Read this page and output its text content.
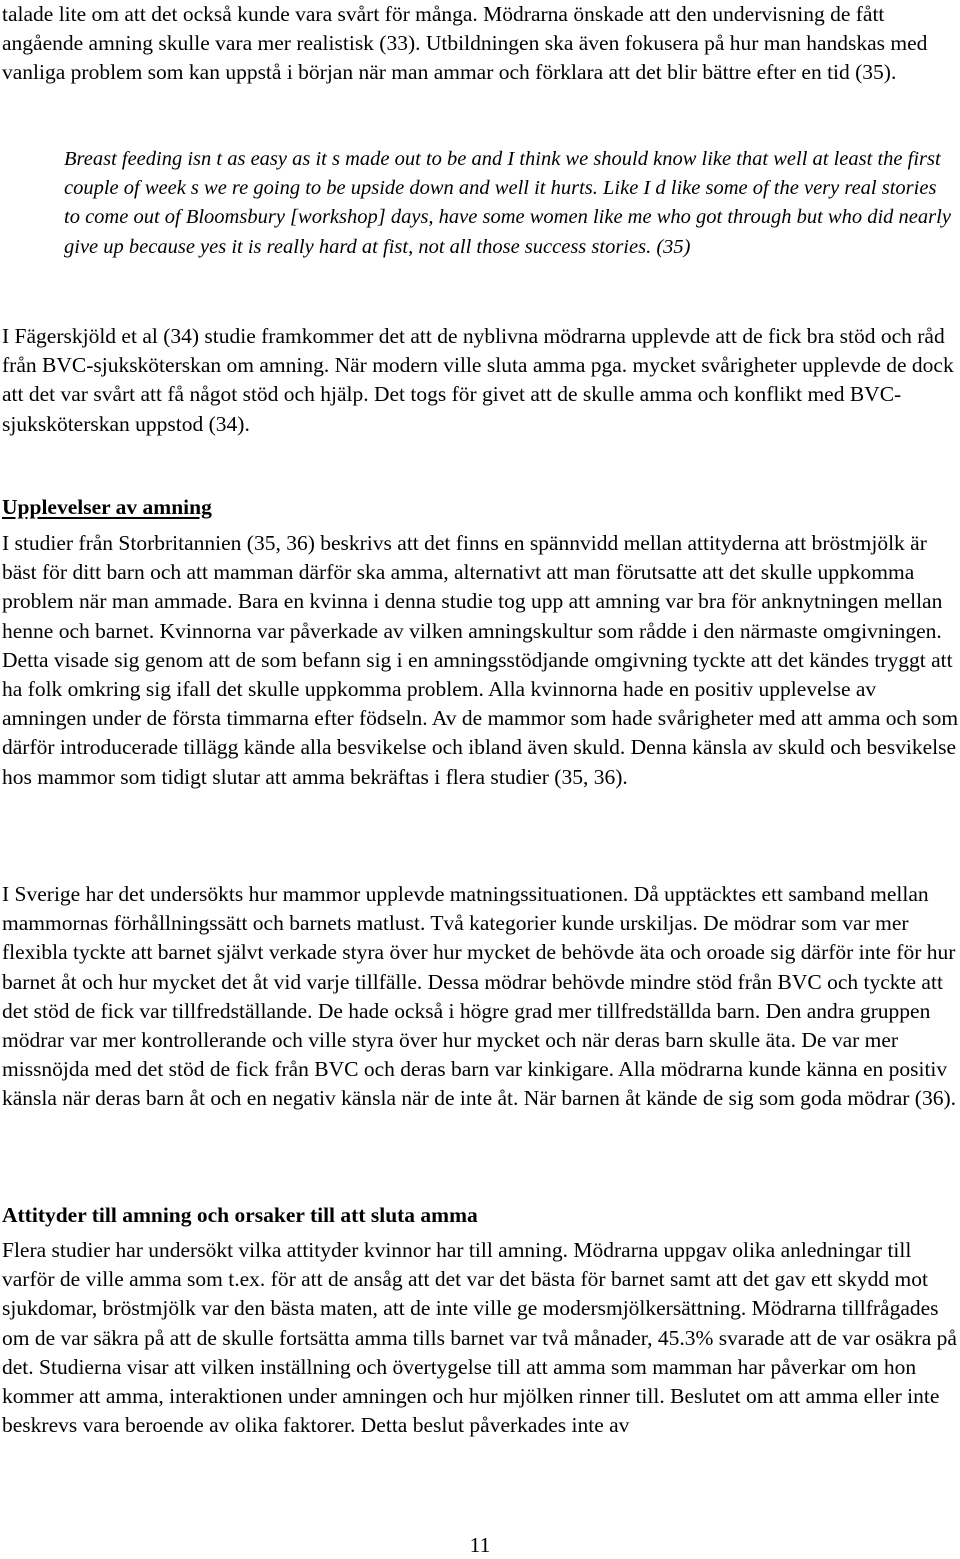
talade lite om att det också kunde vara svårt för många. Mödrarna önskade att den undervisning de fått angående amning skulle vara mer realistisk (33). Utbildningen ska även fokusera på hur man handskas med vanliga problem som kan uppstå i början när man ammar och förklara att det blir bättre efter en tid (35).

Breast feeding isn t as easy as it s made out to be and I think we should know like that well at least the first couple of week s we re going to be upside down and well it hurts. Like I d like some of the very real stories to come out of Bloomsbury [workshop] days, have some women like me who got through but who did nearly give up because yes it is really hard at fist, not all those success stories. (35)

I Fägerskjöld et al (34) studie framkommer det att de nyblivna mödrarna upplevde att de fick bra stöd och råd från BVC-sjuksköterskan om amning. När modern ville sluta amma pga. mycket svårigheter upplevde de dock att det var svårt att få något stöd och hjälp. Det togs för givet att de skulle amma och konflikt med BVC- sjuksköterskan uppstod (34).

Upplevelser av amning

I studier från Storbritannien (35, 36) beskrivs att det finns en spännvidd mellan attityderna att bröstmjölk är bäst för ditt barn och att mamman därför ska amma, alternativt att man förutsatte att det skulle uppkomma problem när man ammade. Bara en kvinna i denna studie tog upp att amning var bra för anknytningen mellan henne och barnet. Kvinnorna var påverkade av vilken amningskultur som rådde i den närmaste omgivningen. Detta visade sig genom att de som befann sig i en amningsstödjande omgivning tyckte att det kändes tryggt att ha folk omkring sig ifall det skulle uppkomma problem. Alla kvinnorna hade en positiv upplevelse av amningen under de första timmarna efter födseln. Av de mammor som hade svårigheter med att amma och som därför introducerade tillägg kände alla besvikelse och ibland även skuld. Denna känsla av skuld och besvikelse hos mammor som tidigt slutar att amma bekräftas i flera studier (35, 36).

I Sverige har det undersökts hur mammor upplevde matningssituationen. Då upptäcktes ett samband mellan mammornas förhållningssätt och barnets matlust. Två kategorier kunde urskiljas. De mödrar som var mer flexibla tyckte att barnet självt verkade styra över hur mycket de behövde äta och oroade sig därför inte för hur barnet åt och hur mycket det åt vid varje tillfälle. Dessa mödrar behövde mindre stöd från BVC och tyckte att det stöd de fick var tillfredställande. De hade också i högre grad mer tillfredställda barn. Den andra gruppen mödrar var mer kontrollerande och ville styra över hur mycket och när deras barn skulle äta. De var mer missnöjda med det stöd de fick från BVC och deras barn var kinkigare. Alla mödrarna kunde känna en positiv känsla när deras barn åt och en negativ känsla när de inte åt. När barnen åt kände de sig som goda mödrar (36).

Attityder till amning och orsaker till att sluta amma

Flera studier har undersökt vilka attityder kvinnor har till amning. Mödrarna uppgav olika anledningar till varför de ville amma som t.ex. för att de ansåg att det var det bästa för barnet samt att det gav ett skydd mot sjukdomar, bröstmjölk var den bästa maten, att de inte ville ge modersmjölkersättning. Mödrarna tillfrågades om de var säkra på att de skulle fortsätta amma tills barnet var två månader, 45.3% svarade att de var osäkra på det. Studierna visar att vilken inställning och övertygelse till att amma som mamman har påverkar om hon kommer att amma, interaktionen under amningen och hur mjölken rinner till. Beslutet om att amma eller inte beskrevs vara beroende av olika faktorer. Detta beslut påverkades inte av

11
